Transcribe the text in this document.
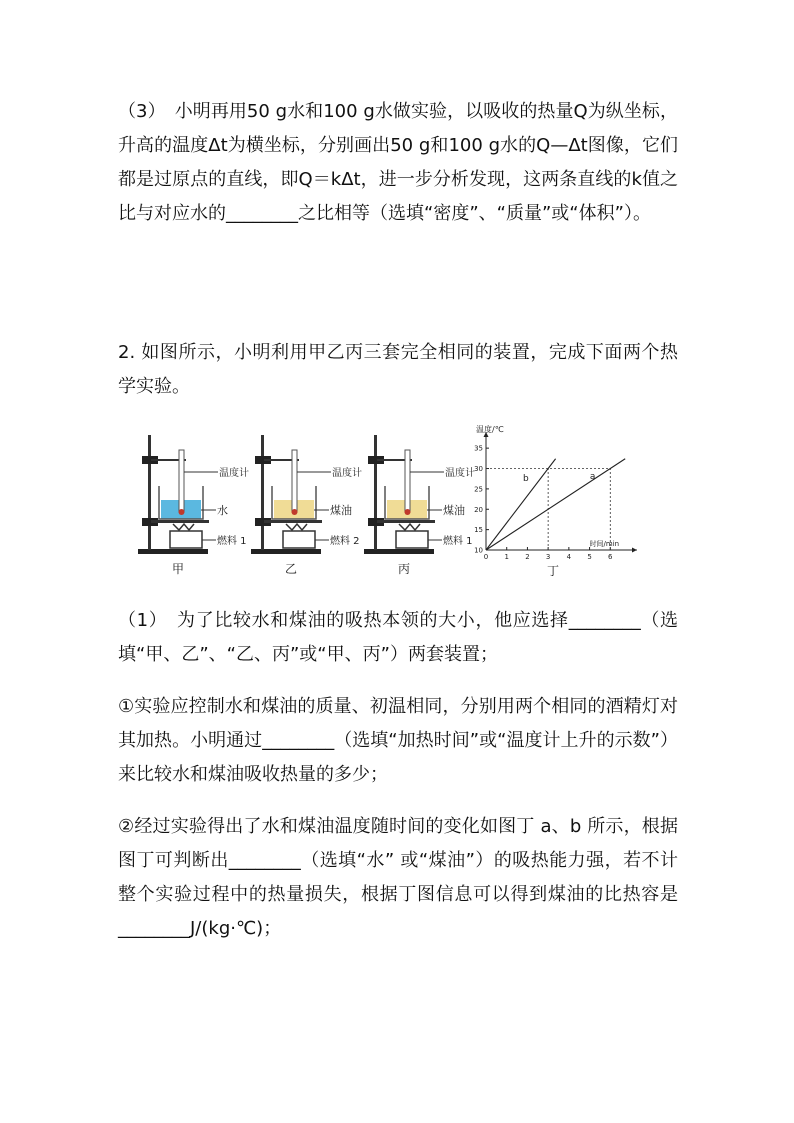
（3）　小明再用50 g水和100 g水做实验，以吸收的热量Q为纵坐标，升高的温度Δt为横坐标，分别画出50 g和100 g水的Q—Δt图像，它们都是过原点的直线，即Q＝kΔt，进一步分析发现，这两条直线的k值之比与对应水的________之比相等（选填“密度”、“质量”或“体积”）。

2. 如图所示，小明利用甲乙丙三套完全相同的装置，完成下面两个热学实验。

温度计
水
燃料 1
甲
温度计
煤油
燃料 2
乙
温度计
煤油
燃料 1
丙	丁
0 1 2 3 4 5 6
10
15
20
25
30
35
温度/℃
时间/min
a
b

（1）　为了比较水和煤油的吸热本领的大小，他应选择________（选填“甲、乙”、“乙、丙”或“甲、丙”）两套装置；

①实验应控制水和煤油的质量、初温相同，分别用两个相同的酒精灯对其加热。小明通过________（选填“加热时间”或“温度计上升的示数”）来比较水和煤油吸收热量的多少；

②经过实验得出了水和煤油温度随时间的变化如图丁 a、b 所示，根据图丁可判断出________（选填“水” 或“煤油”）的吸热能力强，若不计整个实验过程中的热量损失，根据丁图信息可以得到煤油的比热容是________J/(kg·℃)；
